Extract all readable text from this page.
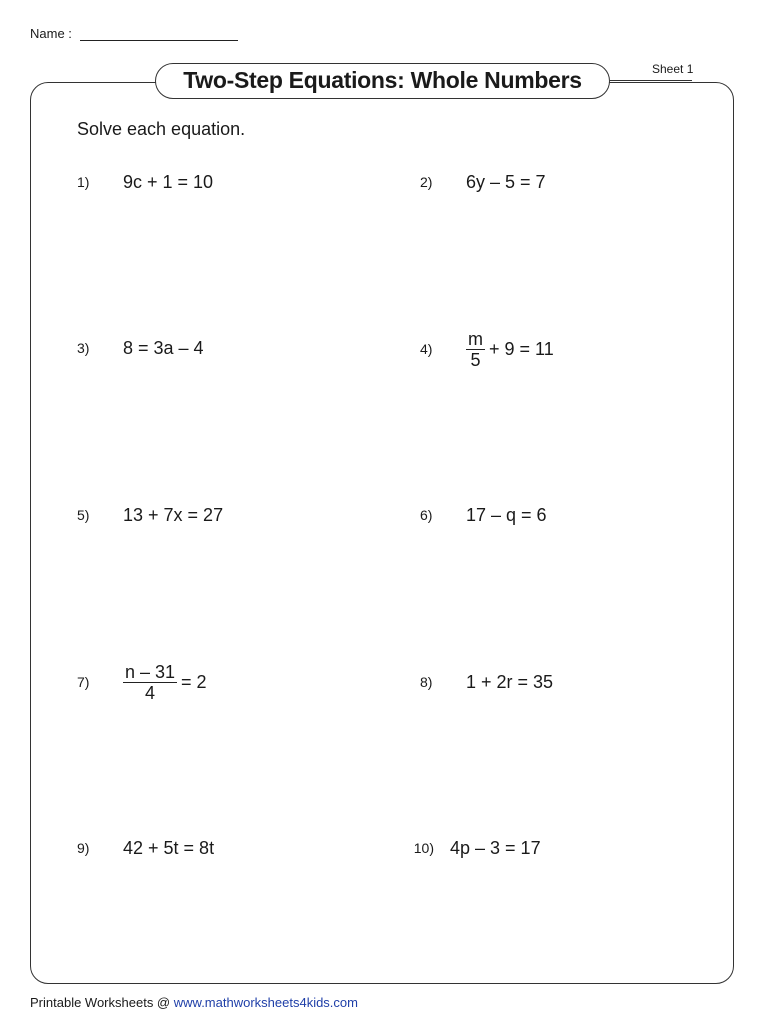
Name :
Sheet 1
Two-Step Equations: Whole Numbers
Solve each equation.
1)	9c + 1 = 10	2)	6y – 5 = 7
3)	8 = 3a – 4	4)	$\frac{m}{5} + 9 = 11$
5)	13 + 7x = 27	6)	17 – q = 6
7)	$\frac{n - 31}{4} = 2$	8)	1 + 2r = 35
9)	42 + 5t = 8t	10) 4p – 3 = 17
Printable Worksheets @ www.mathworksheets4kids.com
